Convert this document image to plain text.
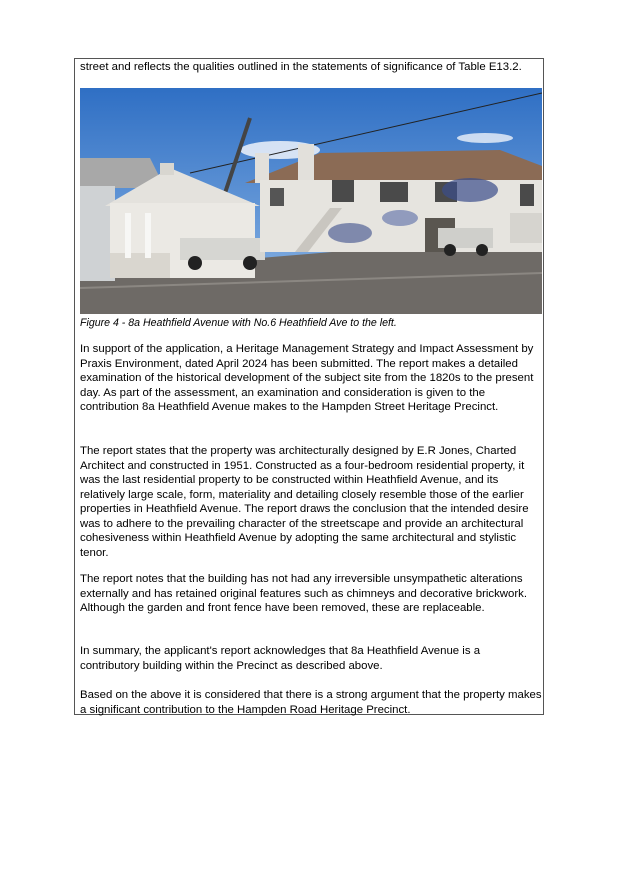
street and reflects the qualities outlined in the statements of significance of Table E13.2.

Figure 4 - 8a Heathfield Avenue with No.6 Heathfield Ave to the left.

In support of the application, a Heritage Management Strategy and Impact Assessment by Praxis Environment, dated April 2024 has been submitted. The report makes a detailed examination of the historical development of the subject site from the 1820s to the present day. As part of the assessment, an examination and consideration is given to the contribution 8a Heathfield Avenue makes to the Hampden Street Heritage Precinct.

The report states that the property was architecturally designed by E.R Jones, Charted Architect and constructed in 1951. Constructed as a four-bedroom residential property, it was the last residential property to be constructed within Heathfield Avenue, and its relatively large scale, form, materiality and detailing closely resemble those of the earlier properties in Heathfield Avenue. The report draws the conclusion that the intended desire was to adhere to the prevailing character of the streetscape and provide an architectural cohesiveness within Heathfield Avenue by adopting the same architectural and stylistic tenor.

The report notes that the building has not had any irreversible unsympathetic alterations externally and has retained original features such as chimneys and decorative brickwork. Although the garden and front fence have been removed, these are replaceable.

In summary, the applicant's report acknowledges that 8a Heathfield Avenue is a contributory building within the Precinct as described above.

Based on the above it is considered that there is a strong argument that the property makes a significant contribution to the Hampden Road Heritage Precinct.
